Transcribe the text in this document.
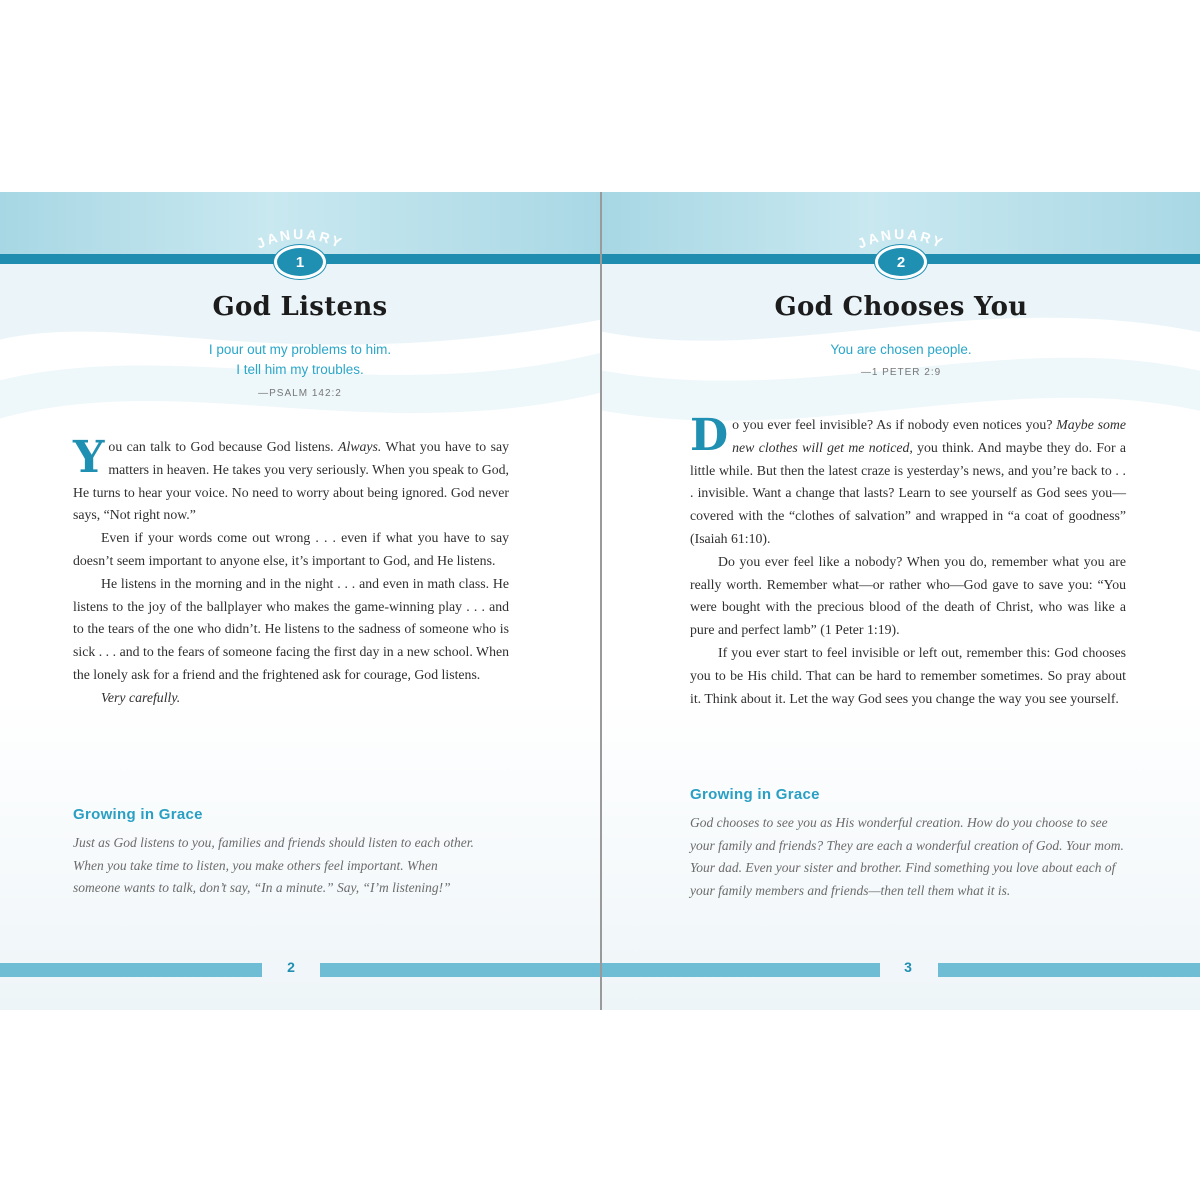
JANUARY
1
God Listens
I pour out my problems to him.
I tell him my troubles.
—PSALM 142:2

You can talk to God because God listens. Always. What you have to say matters in heaven. He takes you very seriously. When you speak to God, He turns to hear your voice. No need to worry about being ignored. God never says, “Not right now.”

Even if your words come out wrong . . . even if what you have to say doesn’t seem important to anyone else, it’s important to God, and He listens.

He listens in the morning and in the night . . . and even in math class. He listens to the joy of the ballplayer who makes the game-winning play . . . and to the tears of the one who didn’t. He listens to the sadness of someone who is sick . . . and to the fears of someone facing the first day in a new school. When the lonely ask for a friend and the frightened ask for courage, God listens.

Very carefully.

Growing in Grace
Just as God listens to you, families and friends should listen to each other. When you take time to listen, you make others feel important. When someone wants to talk, don’t say, “In a minute.” Say, “I’m listening!”
2
JANUARY
2
God Chooses You
You are chosen people.
—1 PETER 2:9

Do you ever feel invisible? As if nobody even notices you? Maybe some new clothes will get me noticed, you think. And maybe they do. For a little while. But then the latest craze is yesterday’s news, and you’re back to . . . invisible. Want a change that lasts? Learn to see yourself as God sees you—covered with the “clothes of salvation” and wrapped in “a coat of goodness” (Isaiah 61:10).

Do you ever feel like a nobody? When you do, remember what you are really worth. Remember what—or rather who—God gave to save you: “You were bought with the precious blood of the death of Christ, who was like a pure and perfect lamb” (1 Peter 1:19).

If you ever start to feel invisible or left out, remember this: God chooses you to be His child. That can be hard to remember sometimes. So pray about it. Think about it. Let the way God sees you change the way you see yourself.

Growing in Grace
God chooses to see you as His wonderful creation. How do you choose to see your family and friends? They are each a wonderful creation of God. Your mom. Your dad. Even your sister and brother. Find something you love about each of your family members and friends—then tell them what it is.
3
